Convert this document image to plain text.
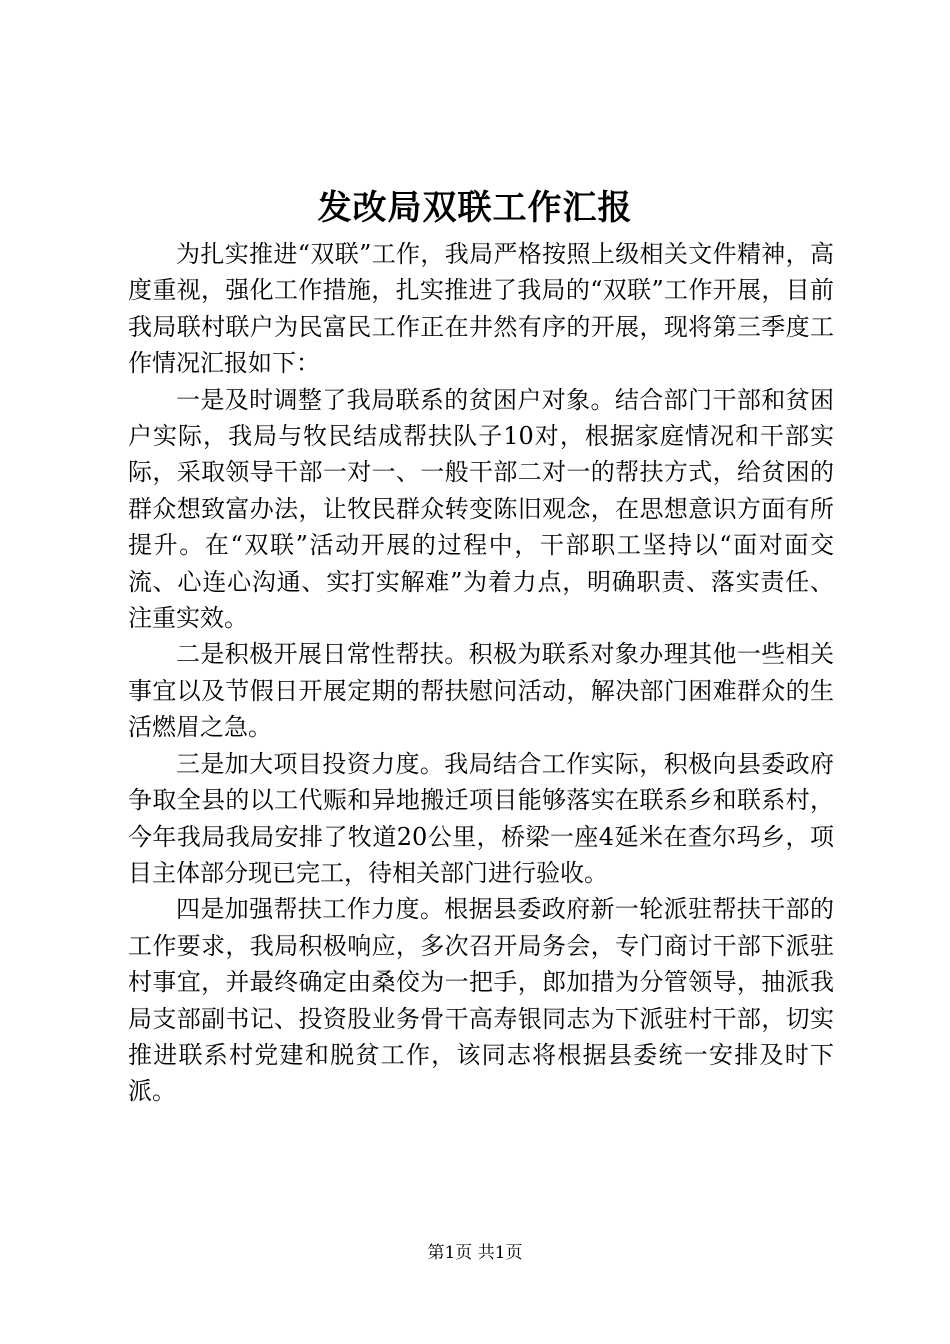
发改局双联工作汇报

为扎实推进“双联”工作，我局严格按照上级相关文件精神，高度重视，强化工作措施，扎实推进了我局的“双联”工作开展，目前我局联村联户为民富民工作正在井然有序的开展，现将第三季度工作情况汇报如下：

一是及时调整了我局联系的贫困户对象。结合部门干部和贫困户实际，我局与牧民结成帮扶队子10对，根据家庭情况和干部实际，采取领导干部一对一、一般干部二对一的帮扶方式，给贫困的群众想致富办法，让牧民群众转变陈旧观念，在思想意识方面有所提升。在“双联”活动开展的过程中，干部职工坚持以“面对面交流、心连心沟通、实打实解难”为着力点，明确职责、落实责任、注重实效。

二是积极开展日常性帮扶。积极为联系对象办理其他一些相关事宜以及节假日开展定期的帮扶慰问活动，解决部门困难群众的生活燃眉之急。

三是加大项目投资力度。我局结合工作实际，积极向县委政府争取全县的以工代赈和异地搬迁项目能够落实在联系乡和联系村，今年我局我局安排了牧道20公里，桥梁一座4延米在查尔玛乡，项目主体部分现已完工，待相关部门进行验收。

四是加强帮扶工作力度。根据县委政府新一轮派驻帮扶干部的工作要求，我局积极响应，多次召开局务会，专门商讨干部下派驻村事宜，并最终确定由桑佼为一把手，郎加措为分管领导，抽派我局支部副书记、投资股业务骨干高寿银同志为下派驻村干部，切实推进联系村党建和脱贫工作，该同志将根据县委统一安排及时下派。

第1页 共1页
